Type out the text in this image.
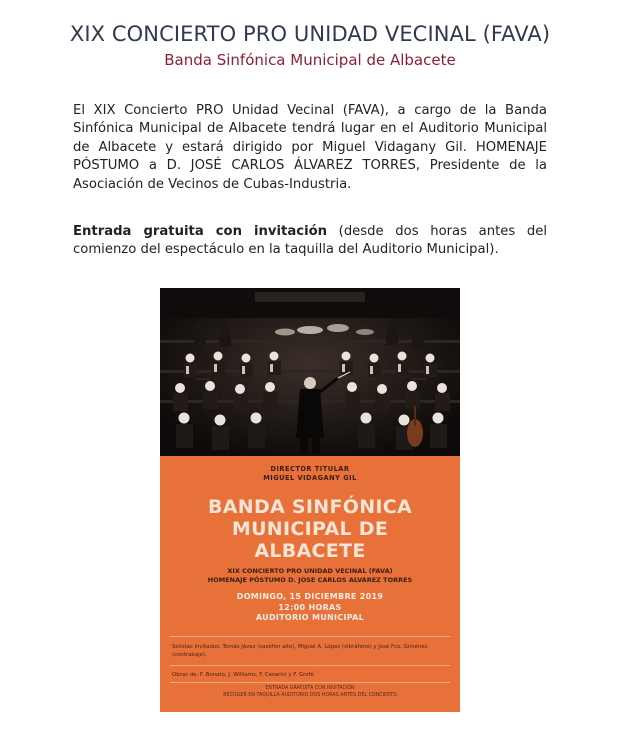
XIX CONCIERTO PRO UNIDAD VECINAL (FAVA)
Banda Sinfónica Municipal de Albacete
El XIX Concierto PRO Unidad Vecinal (FAVA), a cargo de la Banda Sinfónica Municipal de Albacete tendrá lugar en el Auditorio Municipal de Albacete y estará dirigido por Miguel Vidagany Gil. HOMENAJE PÓSTUMO a D. JOSÉ CARLOS ÁLVAREZ TORRES, Presidente de la Asociación de Vecinos de Cubas-Industria.
Entrada gratuita con invitación (desde dos horas antes del comienzo del espectáculo en la taquilla del Auditorio Municipal).
DIRECTOR TITULAR
MIGUEL VIDAGANY GIL
BANDA SINFÓNICA
MUNICIPAL DE
ALBACETE
XIX CONCIERTO PRO UNIDAD VECINAL (FAVA)
HOMENAJE PÓSTUMO D. JOSE CARLOS ALVAREZ TORRES
DOMINGO, 15 DICIEMBRE 2019
12:00 HORAS
AUDITORIO MUNICIPAL
Solistas invitados: Tomás Jávez (saxofón alto), Miguel A. López (vibráfono) y José Fco. Giménez (contrabajo).
Obras de: F. Bonato, J. Williams, F. Cesarini y F. Grofé
ENTRADA GRATUITA CON INVITACIÓN
RECOGER EN TAQUILLA AUDITORIO DOS HORAS ANTES DEL CONCIERTO
